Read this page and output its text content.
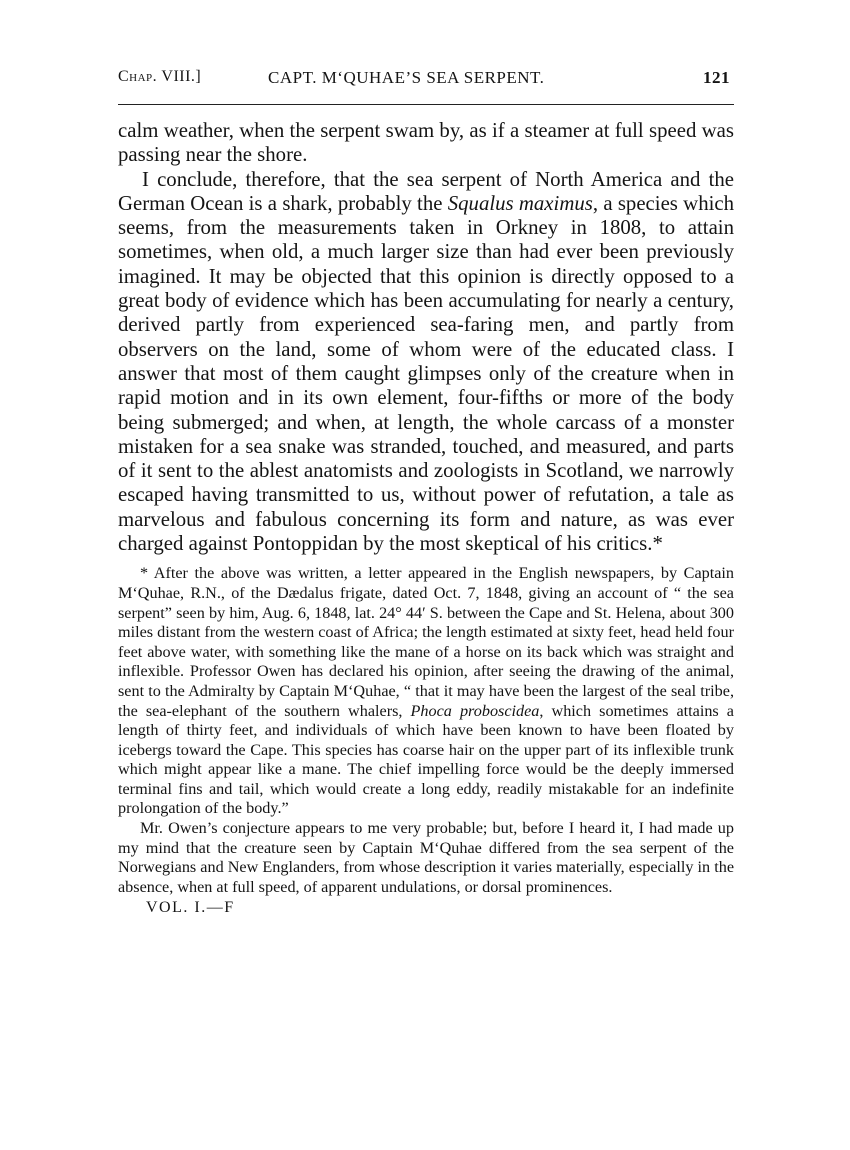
Chap. VIII.]	CAPT. M‘QUHAE’S SEA SERPENT.	121

calm weather, when the serpent swam by, as if a steamer at full speed was passing near the shore.

I conclude, therefore, that the sea serpent of North America and the German Ocean is a shark, probably the Squalus maximus, a species which seems, from the measurements taken in Orkney in 1808, to attain sometimes, when old, a much larger size than had ever been previously imagined. It may be objected that this opinion is directly opposed to a great body of evidence which has been accumulating for nearly a century, derived partly from experienced sea-faring men, and partly from observers on the land, some of whom were of the educated class. I answer that most of them caught glimpses only of the creature when in rapid motion and in its own element, four-fifths or more of the body being submerged; and when, at length, the whole carcass of a monster mistaken for a sea snake was stranded, touched, and measured, and parts of it sent to the ablest anatomists and zoologists in Scotland, we narrowly escaped having transmitted to us, without power of refutation, a tale as marvelous and fabulous concerning its form and nature, as was ever charged against Pontoppidan by the most skeptical of his critics.*

* After the above was written, a letter appeared in the English newspapers, by Captain M‘Quhae, R.N., of the Dædalus frigate, dated Oct. 7, 1848, giving an account of “ the sea serpent” seen by him, Aug. 6, 1848, lat. 24° 44′ S. between the Cape and St. Helena, about 300 miles distant from the western coast of Africa; the length estimated at sixty feet, head held four feet above water, with something like the mane of a horse on its back which was straight and inflexible. Professor Owen has declared his opinion, after seeing the drawing of the animal, sent to the Admiralty by Captain M‘Quhae, “ that it may have been the largest of the seal tribe, the sea-elephant of the southern whalers, Phoca proboscidea, which sometimes attains a length of thirty feet, and individuals of which have been known to have been floated by icebergs toward the Cape. This species has coarse hair on the upper part of its inflexible trunk which might appear like a mane. The chief impelling force would be the deeply immersed terminal fins and tail, which would create a long eddy, readily mistakable for an indefinite prolongation of the body.”

Mr. Owen’s conjecture appears to me very probable; but, before I heard it, I had made up my mind that the creature seen by Captain M‘Quhae differed from the sea serpent of the Norwegians and New Englanders, from whose description it varies materially, especially in the absence, when at full speed, of apparent undulations, or dorsal prominences.

VOL. I.—F
